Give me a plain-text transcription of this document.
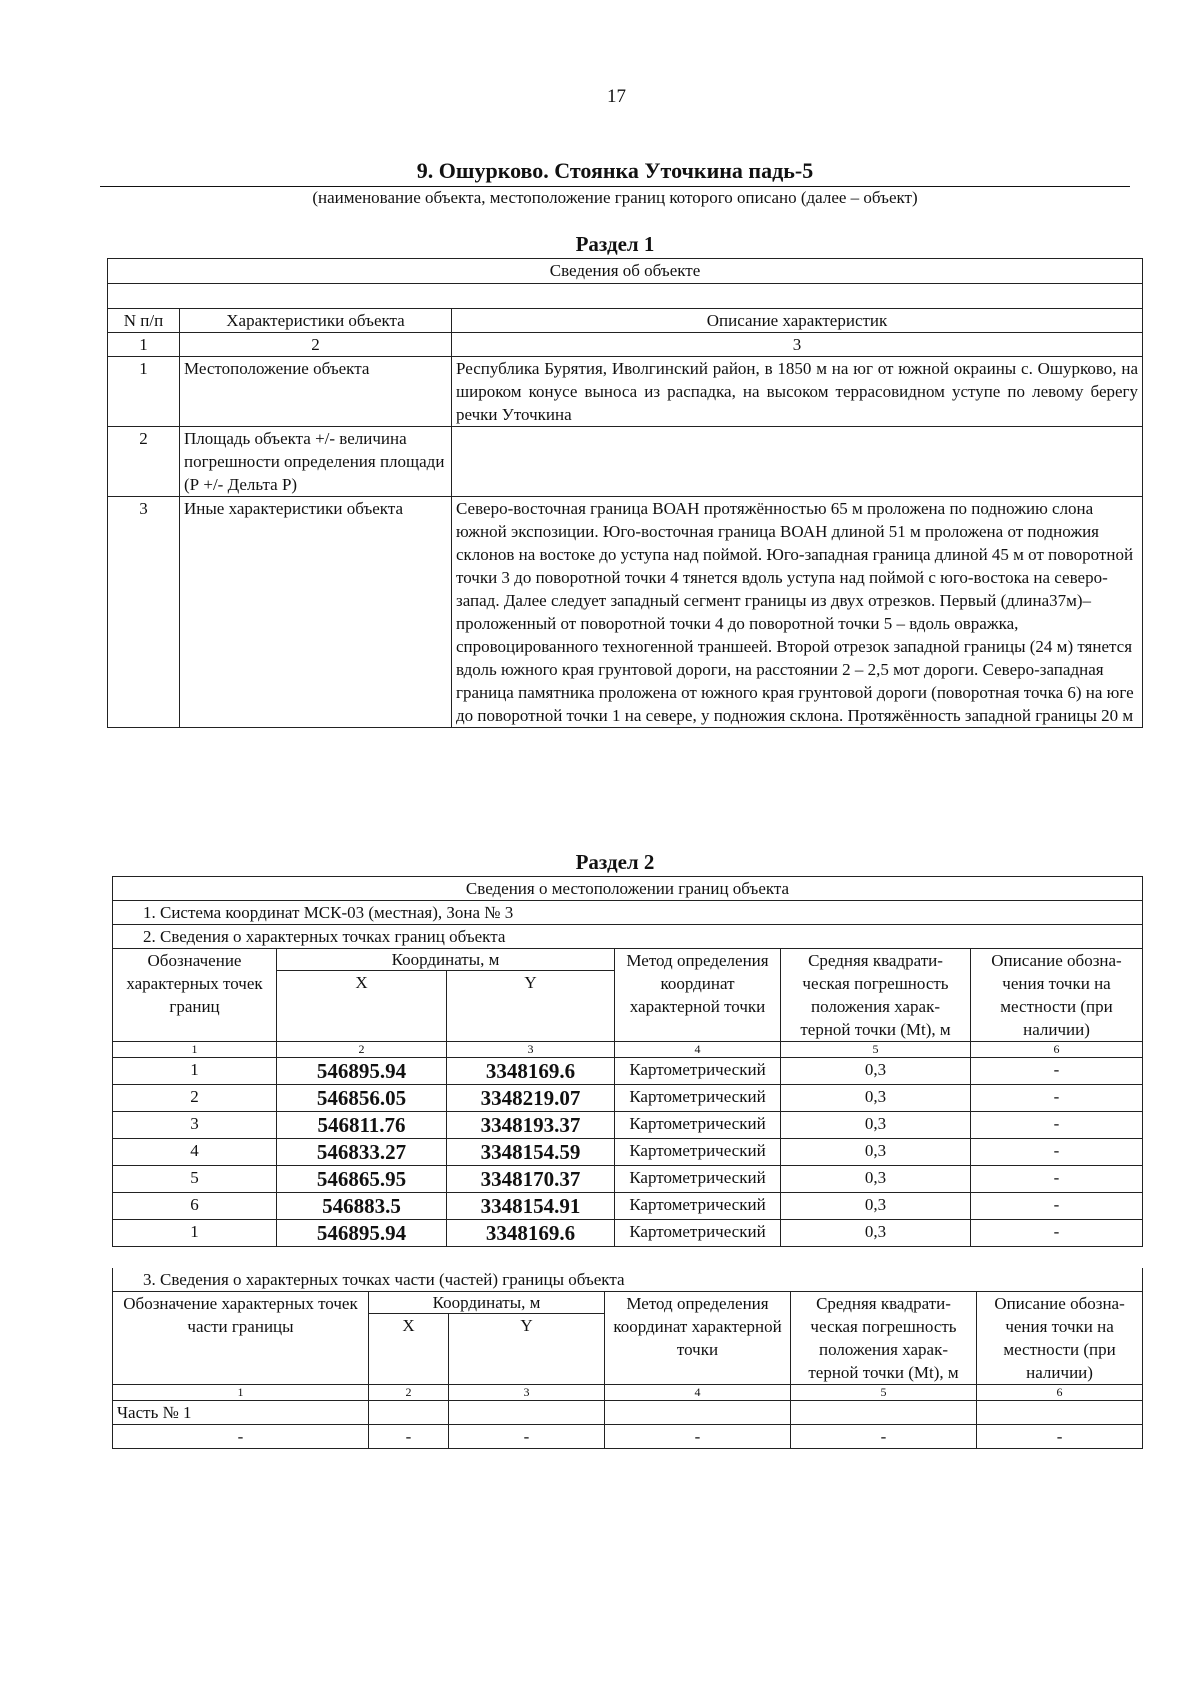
17
9. Ошурково. Стоянка Уточкина падь-5
(наименование объекта, местоположение границ которого описано (далее – объект)
Раздел 1
Сведения об объекте		

N п/п	Характеристики объекта	Описание характеристик
1	2	3
1	Местоположение объекта	Республика Бурятия, Иволгинский район, в 1850 м на юг от южной окраины с. Ошурково, на широком конусе выноса из распадка, на высоком террасовидном уступе по левому берегу речки Уточкина
2	Площадь объекта +/- величина погрешности определения площади (Р +/- Дельта Р)	
3	Иные характеристики объекта	Северо-восточная граница ВОАН протяжённостью 65 м проложена по подножию слона южной экспозиции. Юго-восточная граница ВОАН длиной 51 м проложена от подножия склонов на востоке до уступа над поймой. Юго-западная граница длиной 45 м от поворотной точки 3 до поворотной точки 4 тянется вдоль уступа над поймой с юго-востока на северо-запад. Далее следует западный сегмент границы из двух отрезков. Первый (длина37м)–проложенный от поворотной точки 4 до поворотной точки 5 – вдоль овражка, спровоцированного техногенной траншеей. Второй отрезок западной границы (24 м) тянется вдоль южного края грунтовой дороги, на расстоянии 2 – 2,5 мот дороги. Северо-западная граница памятника проложена от южного края грунтовой дороги (поворотная точка 6) на юге до поворотной точки 1 на севере, у подножия склона. Протяжённость западной границы 20 м
Раздел 2
Сведения о местоположении границ объекта					
1. Система координат МСК-03 (местная), Зона № 3					
2. Сведения о характерных точках границ объекта					
Обозначение характерных точек границ	Координаты, м		Метод определения координат характерной точки	Средняя квадрати- ческая погрешность положения харак- терной точки (Mt), м	Описание обозна- чения точки на местности (при наличии)
	X	Y			
1	2	3	4	5	6
1	546895.94	3348169.6	Картометрический	0,3	-
2	546856.05	3348219.07	Картометрический	0,3	-
3	546811.76	3348193.37	Картометрический	0,3	-
4	546833.27	3348154.59	Картометрический	0,3	-
5	546865.95	3348170.37	Картометрический	0,3	-
6	546883.5	3348154.91	Картометрический	0,3	-
1	546895.94	3348169.6	Картометрический	0,3	-
3. Сведения о характерных точках части (частей) границы объекта					
Обозначение характерных точек части границы	Координаты, м		Метод определения координат характерной точки	Средняя квадрати- ческая погрешность положения харак- терной точки (Mt), м	Описание обозна- чения точки на местности (при наличии)
	X	Y			
1	2	3	4	5	6
Часть № 1					
-	-	-	-	-	-
